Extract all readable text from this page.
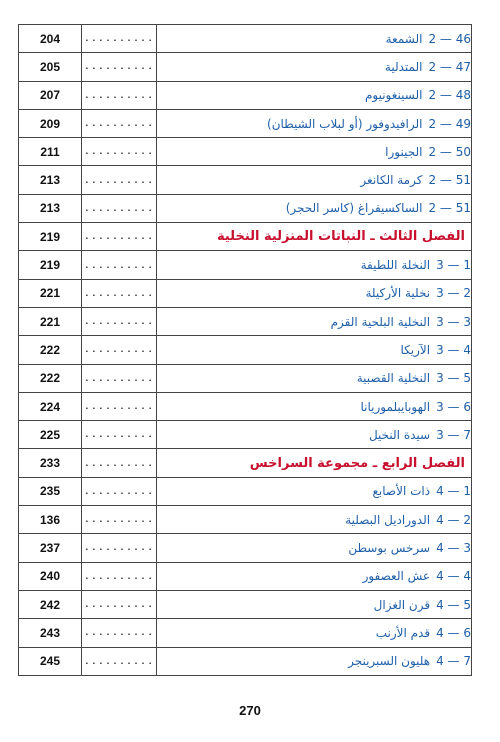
204	..........	2 — 46الشمعة
205	..........	2 — 47المتدلية
207	..........	2 — 48السينغونيوم
209	..........	2 — 49الرافيدوفور (أو لبلاب الشيطان)
211	..........	2 — 50الجينورا
213	..........	2 — 51كرمة الكانغر
213	..........	2 — 51الساكسيفراغ (كاسر الحجر)
219	..........	الفصل الثالث ـ النباتات المنزلية النخلية
219	..........	3 — 1النخلة اللطيفة
221	..........	3 — 2نخلية الأركيلة
221	..........	3 — 3النخلية البلحية القزم
222	..........	3 — 4الآريكا
222	..........	3 — 5النخلية القصبية
224	..........	3 — 6الهوبايبلموريانا
225	..........	3 — 7سيدة النخيل
233	..........	الفصل الرابع ـ مجموعة السراخس
235	..........	4 — 1ذات الأصابع
136	..........	4 — 2الدوراديل البصلية
237	..........	4 — 3سرخس بوسطن
240	..........	4 — 4عش العصفور
242	..........	4 — 5قرن الغزال
243	..........	4 — 6قدم الأرنب
245	..........	4 — 7هليون السبرينجر
270
